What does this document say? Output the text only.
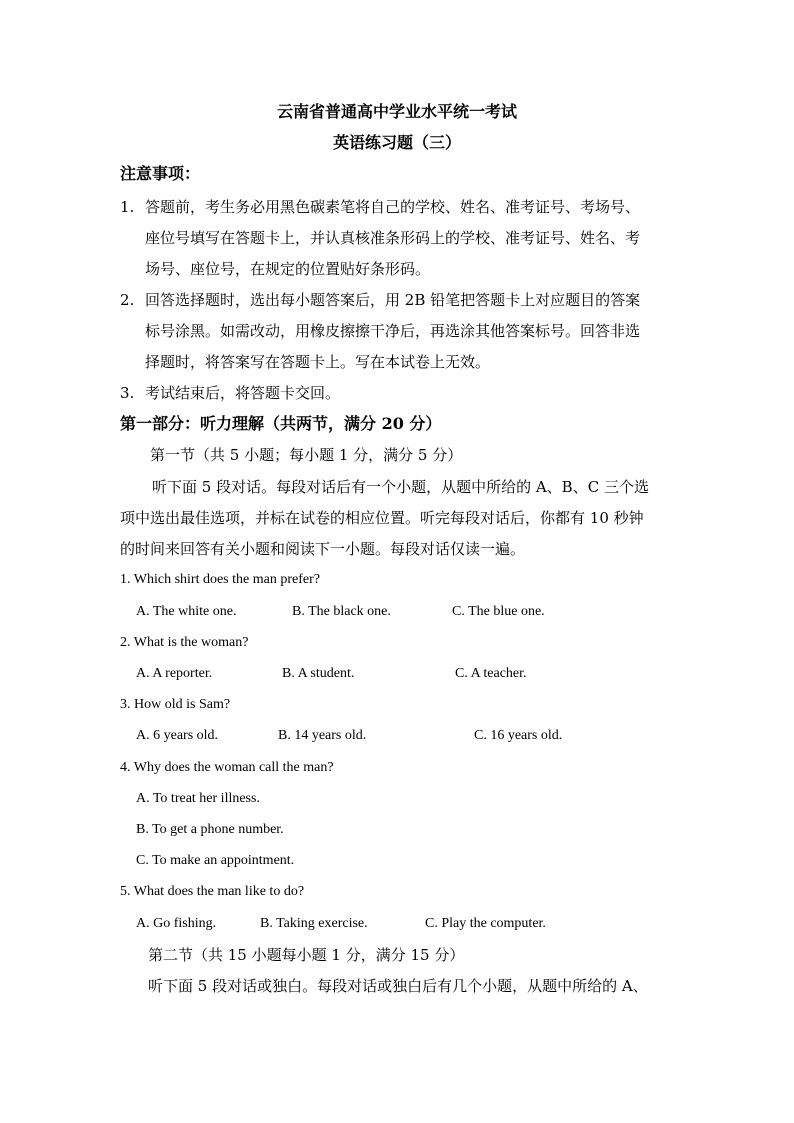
云南省普通高中学业水平统一考试
英语练习题（三）
注意事项：
1. 答题前，考生务必用黑色碳素笔将自己的学校、姓名、准考证号、考场号、
座位号填写在答题卡上，并认真核准条形码上的学校、准考证号、姓名、考
场号、座位号，在规定的位置贴好条形码。
2. 回答选择题时，选出每小题答案后，用 2B 铅笔把答题卡上对应题目的答案
标号涂黑。如需改动，用橡皮擦擦干净后，再选涂其他答案标号。回答非选
择题时，将答案写在答题卡上。写在本试卷上无效。
3. 考试结束后，将答题卡交回。
第一部分：听力理解（共两节，满分 20 分）
第一节（共 5 小题；每小题 1 分，满分 5 分）
听下面 5 段对话。每段对话后有一个小题，从题中所给的 A、B、C 三个选
项中选出最佳选项，并标在试卷的相应位置。听完每段对话后，你都有 10 秒钟
的时间来回答有关小题和阅读下一小题。每段对话仅读一遍。
1. Which shirt does the man prefer?
A. The white one.	B. The black one.	C. The blue one.
2. What is the woman?
A. A reporter.	B. A student.	C. A teacher.
3. How old is Sam?
A. 6 years old.	B. 14 years old.	C. 16 years old.
4. Why does the woman call the man?
A. To treat her illness.
B. To get a phone number.
C. To make an appointment.
5. What does the man like to do?
A. Go fishing.	B. Taking exercise.	C. Play the computer.
第二节（共 15 小题每小题 1 分，满分 15 分）
听下面 5 段对话或独白。每段对话或独白后有几个小题，从题中所给的 A、
